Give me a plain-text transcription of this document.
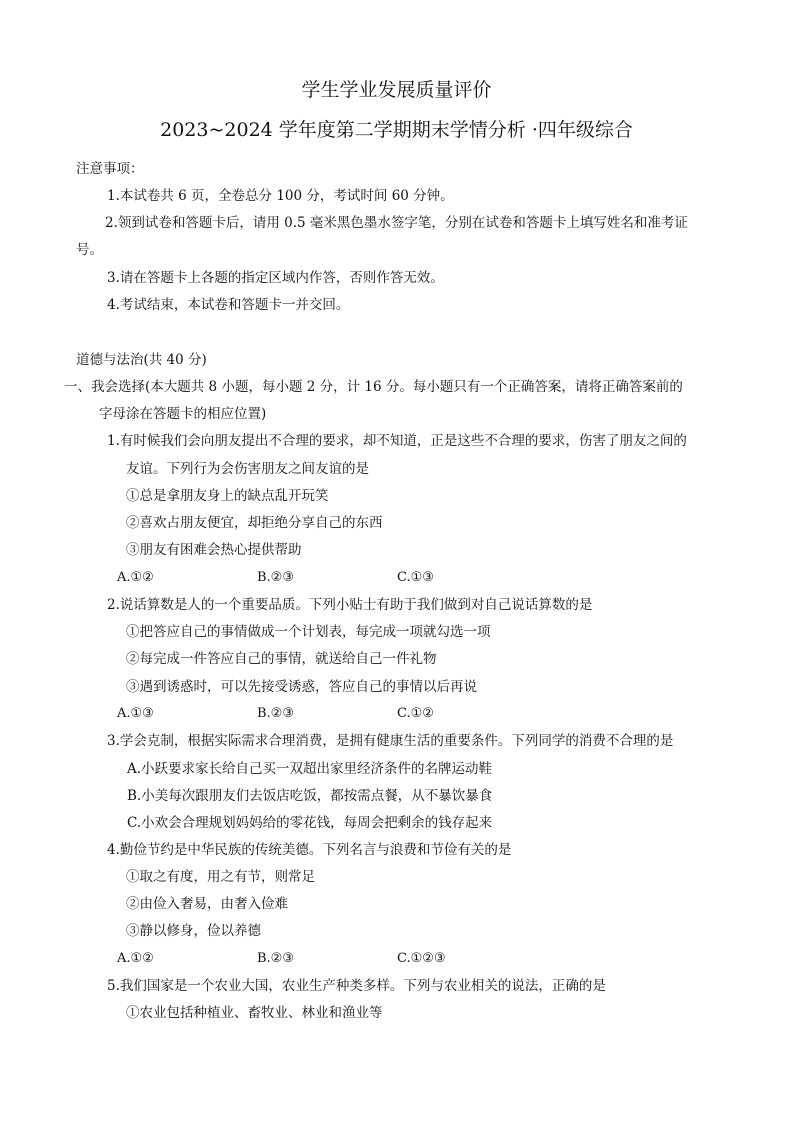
学生学业发展质量评价
2023~2024 学年度第二学期期末学情分析 ·四年级综合
注意事项：
1.本试卷共 6 页，全卷总分 100 分，考试时间 60 分钟。
2.领到试卷和答题卡后，请用 0.5 毫米黑色墨水签字笔，分别在试卷和答题卡上填写姓名和准考证
号。
3.请在答题卡上各题的指定区域内作答，否则作答无效。
4.考试结束，本试卷和答题卡一并交回。
道德与法治(共 40 分)
一、我会选择(本大题共 8 小题，每小题 2 分，计 16 分。每小题只有一个正确答案，请将正确答案前的
字母涂在答题卡的相应位置)
1.有时候我们会向朋友提出不合理的要求，却不知道，正是这些不合理的要求，伤害了朋友之间的
友谊。下列行为会伤害朋友之间友谊的是
①总是拿朋友身上的缺点乱开玩笑
②喜欢占朋友便宜，却拒绝分享自己的东西
③朋友有困难会热心提供帮助
A.①②	B.②③	C.①③
2.说话算数是人的一个重要品质。下列小贴士有助于我们做到对自己说话算数的是
①把答应自己的事情做成一个计划表，每完成一项就勾选一项
②每完成一件答应自己的事情，就送给自己一件礼物
③遇到诱惑时，可以先接受诱惑，答应自己的事情以后再说
A.①③	B.②③	C.①②
3.学会克制，根据实际需求合理消费，是拥有健康生活的重要条件。下列同学的消费不合理的是
A.小跃要求家长给自己买一双超出家里经济条件的名牌运动鞋
B.小美每次跟朋友们去饭店吃饭，都按需点餐，从不暴饮暴食
C.小欢会合理规划妈妈给的零花钱，每周会把剩余的钱存起来
4.勤俭节约是中华民族的传统美德。下列名言与浪费和节俭有关的是
①取之有度，用之有节，则常足
②由俭入奢易，由奢入俭难
③静以修身，俭以养德
A.①②	B.②③	C.①②③
5.我们国家是一个农业大国，农业生产种类多样。下列与农业相关的说法，正确的是
①农业包括种植业、畜牧业、林业和渔业等
